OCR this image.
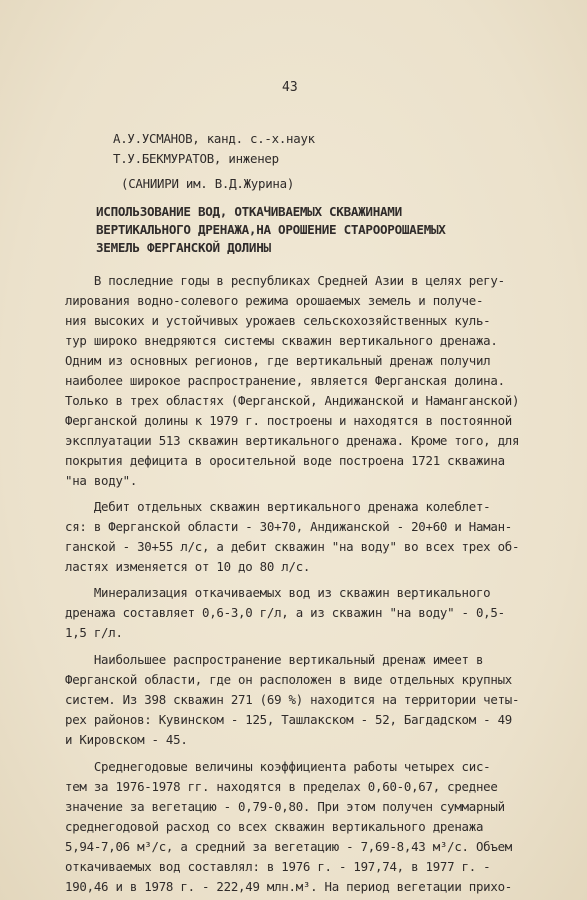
43
А.У.УСМАНОВ, канд. с.-х.наук
Т.У.БЕКМУРАТОВ, инженер
(САНИИРИ им. В.Д.Журина)
ИСПОЛЬЗОВАНИЕ ВОД, ОТКАЧИВАЕМЫХ СКВАЖИНАМИ
ВЕРТИКАЛЬНОГО ДРЕНАЖА,НА ОРОШЕНИЕ СТАРООРОШАЕМЫХ
ЗЕМЕЛЬ ФЕРГАНСКОЙ ДОЛИНЫ
В последние годы в республиках Средней Азии в целях регу-
лирования водно-солевого режима орошаемых земель и получе-
ния высоких и устойчивых урожаев сельскохозяйственных куль-
тур широко внедряются системы скважин вертикального дренажа.
Одним из основных регионов, где вертикальный дренаж получил
наиболее широкое распространение, является Ферганская долина.
Только в трех областях (Ферганской, Андижанской и Наманганской)
Ферганской долины к 1979 г. построены и находятся в постоянной
эксплуатации 513 скважин вертикального дренажа. Кроме того, для
покрытия дефицита в оросительной воде построена 1721 скважина
"на воду".
Дебит отдельных скважин вертикального дренажа колеблет-
ся: в Ферганской области - 30+70, Андижанской - 20+60 и Наман-
ганской - 30+55 л/с, а дебит скважин "на воду" во всех трех об-
ластях изменяется от 10 до 80 л/с.
Минерализация откачиваемых вод из скважин вертикального
дренажа составляет 0,6-3,0 г/л, а из скважин "на воду" - 0,5-
1,5 г/л.
Наибольшее распространение вертикальный дренаж имеет в
Ферганской области, где он расположен в виде отдельных крупных
систем. Из 398 скважин 271 (69 %) находится на территории четы-
рех районов: Кувинском - 125, Ташлакском - 52, Багдадском - 49
и Кировском - 45.
Среднегодовые величины коэффициента работы четырех сис-
тем за 1976-1978 гг. находятся в пределах 0,60-0,67, среднее
значение за вегетацию - 0,79-0,80. При этом получен суммарный
среднегодовой расход со всех скважин вертикального дренажа
5,94-7,06 м³/с, а средний за вегетацию - 7,69-8,43 м³/с. Объем
откачиваемых вод составлял: в 1976 г. - 197,74, в 1977 г. -
190,46 и в 1978 г. - 222,49 млн.м³. На период вегетации прихо-
